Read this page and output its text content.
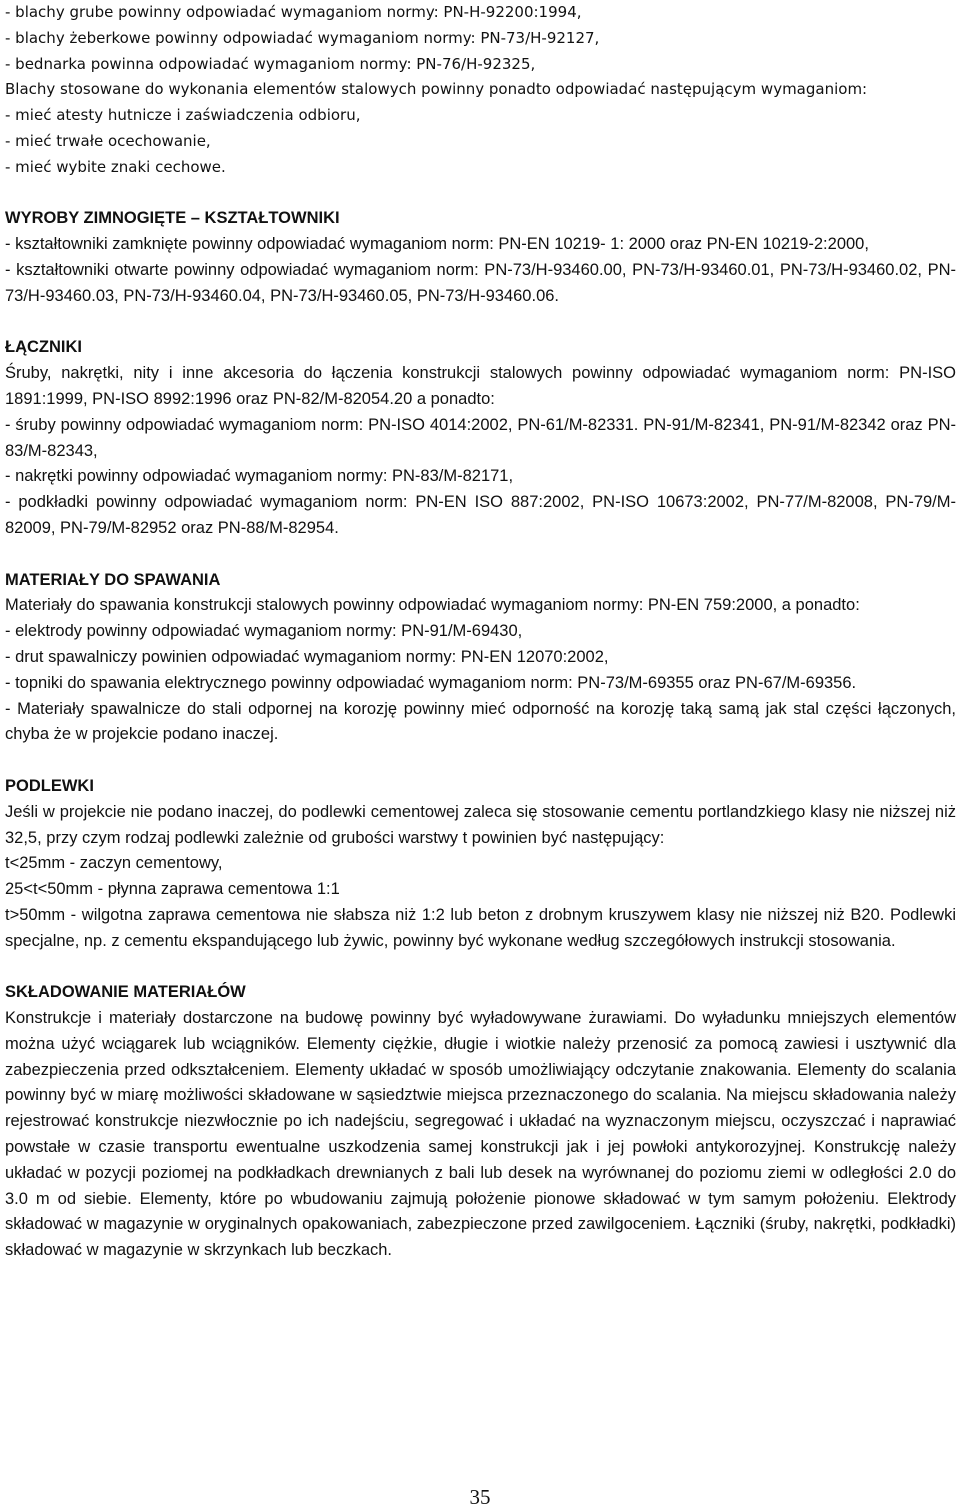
- blachy grube powinny odpowiadać wymaganiom normy: PN-H-92200:1994,

- blachy żeberkowe powinny odpowiadać wymaganiom normy: PN-73/H-92127,

- bednarka powinna odpowiadać wymaganiom normy: PN-76/H-92325,

Blachy stosowane do wykonania elementów stalowych powinny ponadto odpowiadać następującym wymaganiom:

- mieć atesty hutnicze i zaświadczenia odbioru,

- mieć trwałe ocechowanie,

- mieć wybite znaki cechowe.

WYROBY ZIMNOGIĘTE – KSZTAŁTOWNIKI

- kształtowniki zamknięte powinny odpowiadać wymaganiom norm: PN-EN 10219- 1: 2000 oraz PN-EN 10219-2:2000,

- kształtowniki otwarte powinny odpowiadać wymaganiom norm: PN-73/H-93460.00, PN-73/H-93460.01, PN-73/H-93460.02, PN-73/H-93460.03, PN-73/H-93460.04, PN-73/H-93460.05, PN-73/H-93460.06.

ŁĄCZNIKI

Śruby, nakrętki, nity i inne akcesoria do łączenia konstrukcji stalowych powinny odpowiadać wymaganiom norm: PN-ISO 1891:1999, PN-ISO 8992:1996 oraz PN-82/M-82054.20 a ponadto:

- śruby powinny odpowiadać wymaganiom norm: PN-ISO 4014:2002, PN-61/M-82331. PN-91/M-82341, PN-91/M-82342 oraz PN-83/M-82343,

- nakrętki powinny odpowiadać wymaganiom normy: PN-83/M-82171,

- podkładki powinny odpowiadać wymaganiom norm: PN-EN ISO 887:2002, PN-ISO 10673:2002, PN-77/M-82008, PN-79/M-82009, PN-79/M-82952 oraz PN-88/M-82954.

MATERIAŁY DO SPAWANIA

Materiały do spawania konstrukcji stalowych powinny odpowiadać wymaganiom normy: PN-EN 759:2000, a ponadto:

- elektrody powinny odpowiadać wymaganiom normy: PN-91/M-69430,

- drut spawalniczy powinien odpowiadać wymaganiom normy: PN-EN 12070:2002,

- topniki do spawania elektrycznego powinny odpowiadać wymaganiom norm: PN-73/M-69355 oraz PN-67/M-69356.

- Materiały spawalnicze do stali odpornej na korozję powinny mieć odporność na korozję taką samą jak stal części łączonych, chyba że w projekcie podano inaczej.

PODLEWKI

Jeśli w projekcie nie podano inaczej, do podlewki cementowej zaleca się stosowanie cementu portlandzkiego klasy nie niższej niż 32,5, przy czym rodzaj podlewki zależnie od grubości warstwy t powinien być następujący:

t<25mm - zaczyn cementowy,

25<t<50mm - płynna zaprawa cementowa 1:1

t>50mm - wilgotna zaprawa cementowa nie słabsza niż 1:2 lub beton z drobnym kruszywem klasy nie niższej niż B20. Podlewki specjalne, np. z cementu ekspandującego lub żywic, powinny być wykonane według szczegółowych instrukcji stosowania.

SKŁADOWANIE MATERIAŁÓW

Konstrukcje i materiały dostarczone na budowę powinny być wyładowywane żurawiami. Do wyładunku mniejszych elementów można użyć wciągarek lub wciągników. Elementy ciężkie, długie i wiotkie należy przenosić za pomocą zawiesi i usztywnić dla zabezpieczenia przed odkształceniem. Elementy układać w sposób umożliwiający odczytanie znakowania. Elementy do scalania powinny być w miarę możliwości składowane w sąsiedztwie miejsca przeznaczonego do scalania. Na miejscu składowania należy rejestrować konstrukcje niezwłocznie po ich nadejściu, segregować i układać na wyznaczonym miejscu, oczyszczać i naprawiać powstałe w czasie transportu ewentualne uszkodzenia samej konstrukcji jak i jej powłoki antykorozyjnej. Konstrukcję należy układać w pozycji poziomej na podkładkach drewnianych z bali lub desek na wyrównanej do poziomu ziemi w odległości 2.0 do 3.0 m od siebie. Elementy, które po wbudowaniu zajmują położenie pionowe składować w tym samym położeniu. Elektrody składować w magazynie w oryginalnych opakowaniach, zabezpieczone przed zawilgoceniem. Łączniki (śruby, nakrętki, podkładki) składować w magazynie w skrzynkach lub beczkach.

35
